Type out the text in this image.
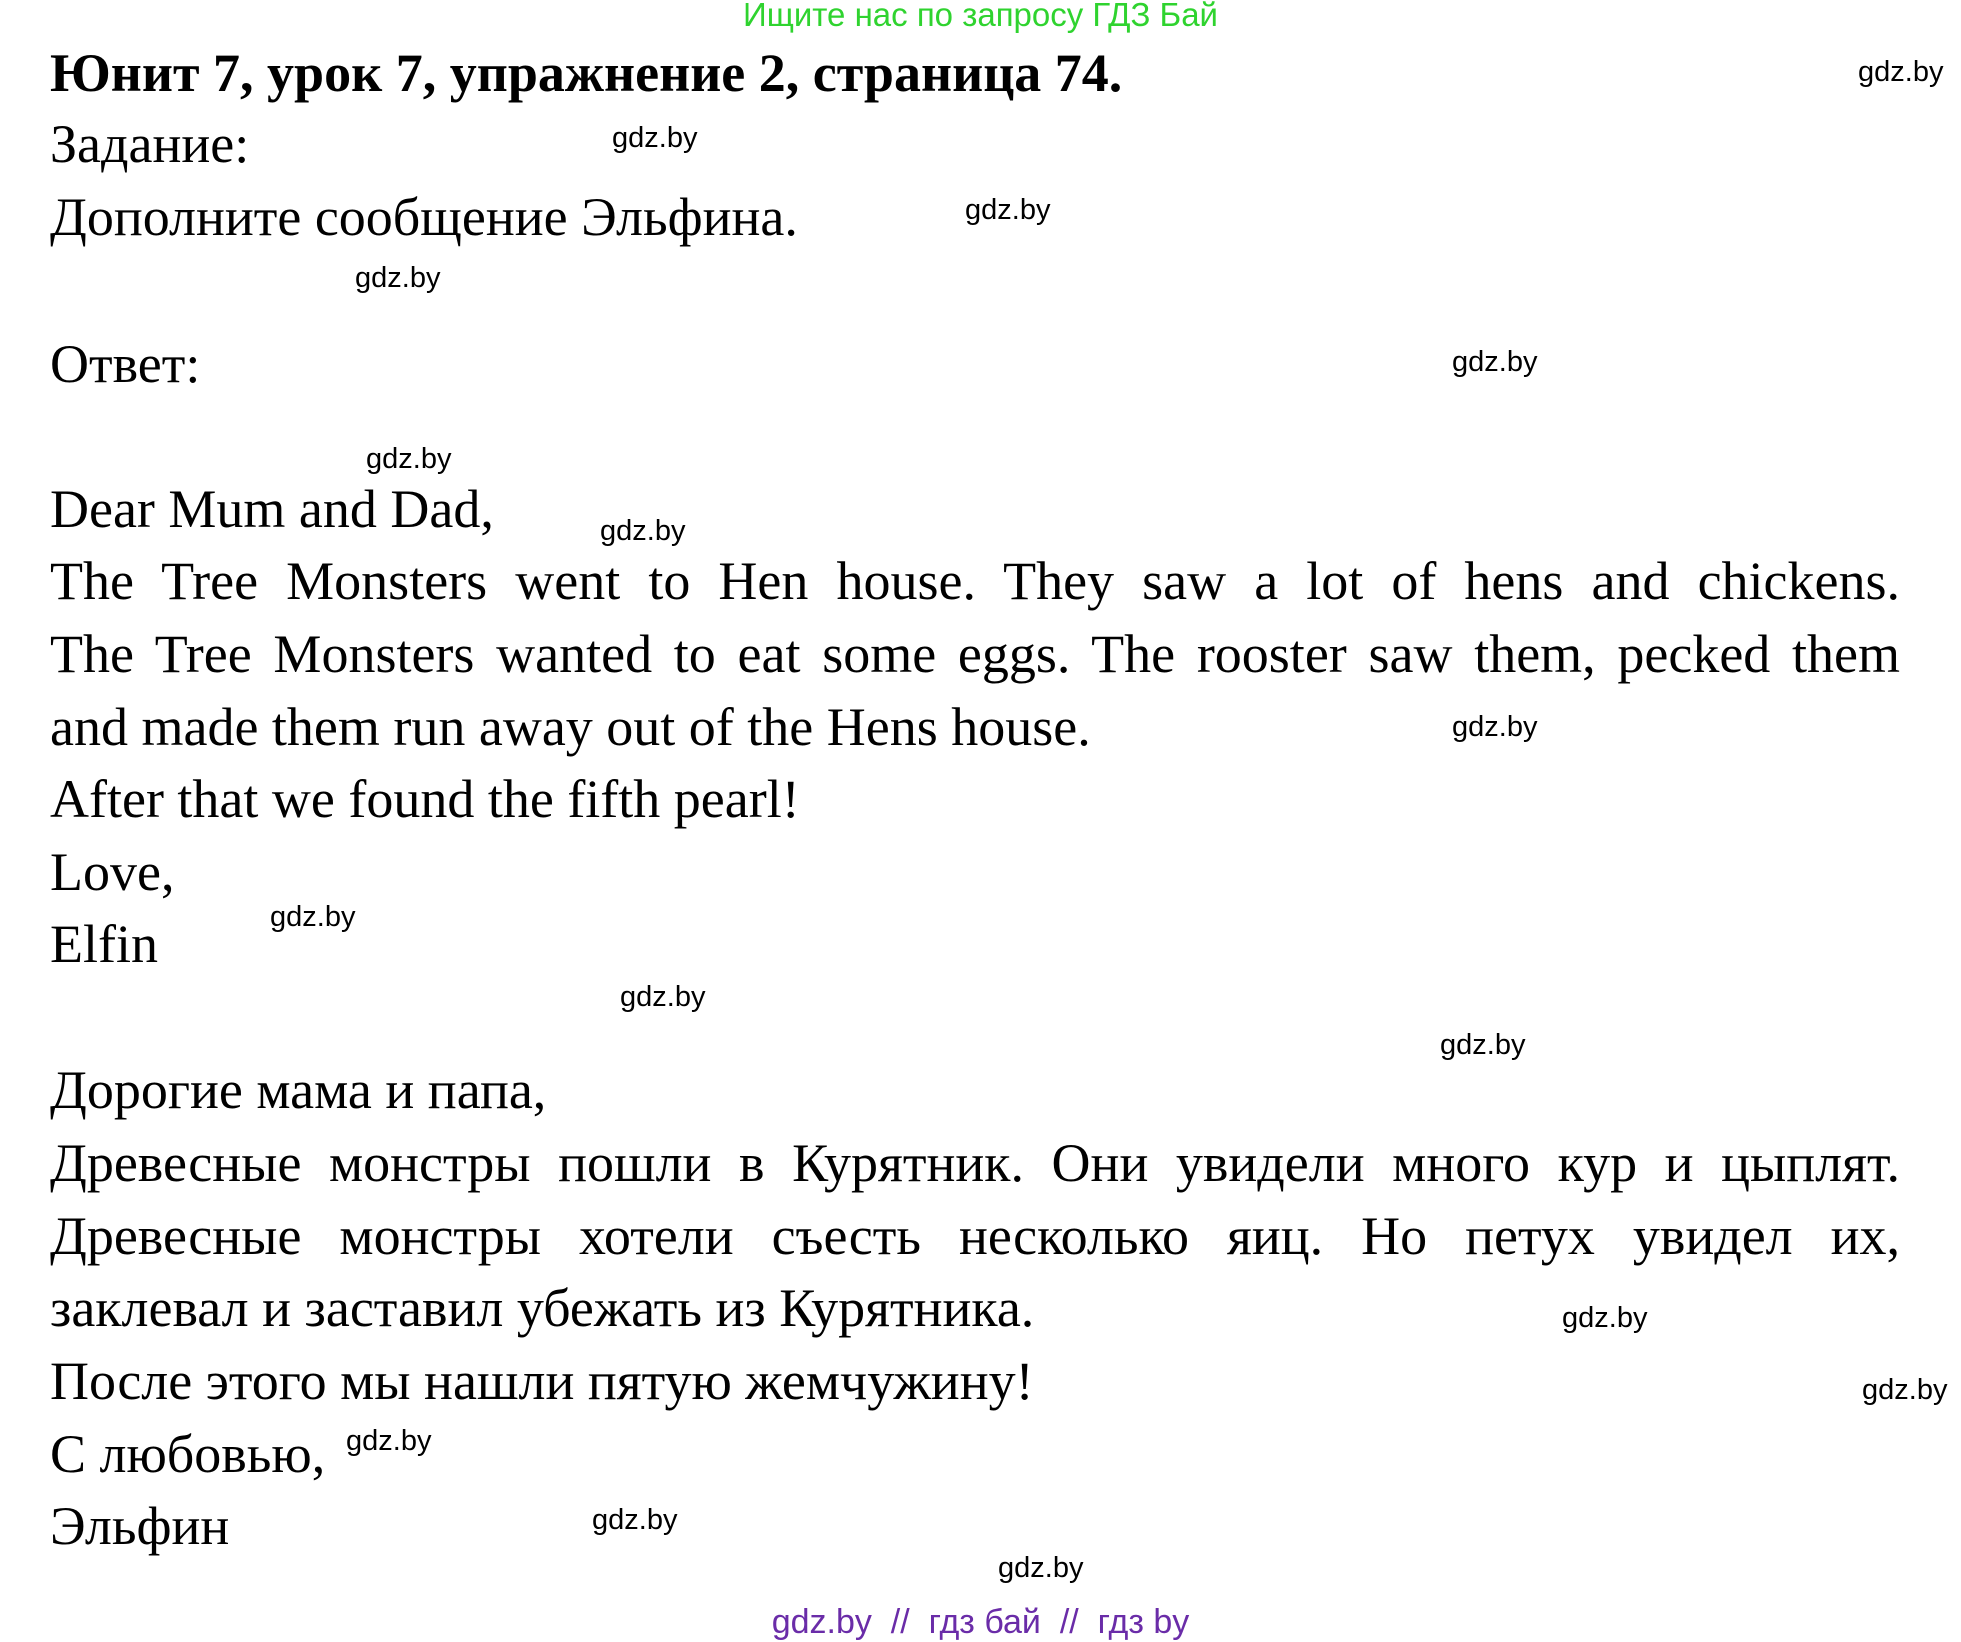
Ищите нас по запросу ГДЗ Бай
Юнит 7, урок 7, упражнение 2, страница 74.
Задание:
Дополните сообщение Эльфина.
Ответ:
Dear Mum and Dad,
The Tree Monsters went to Hen house. They saw a lot of hens and chickens.
The Tree Monsters wanted to eat some eggs. The rooster saw them, pecked them
and made them run away out of the Hens house.
After that we found the fifth pearl!
Love,
Elfin
Дорогие мама и папа,
Древесные монстры пошли в Курятник. Они увидели много кур и цыплят.
Древесные монстры хотели съесть несколько яиц. Но петух увидел их,
заклевал и заставил убежать из Курятника.
После этого мы нашли пятую жемчужину!
С любовью,
Эльфин
gdz.by
gdz.by
gdz.by
gdz.by
gdz.by
gdz.by
gdz.by
gdz.by
gdz.by
gdz.by
gdz.by
gdz.by
gdz.by
gdz.by
gdz.by
gdz.by
gdz.by  //  гдз бай  //  гдз by
